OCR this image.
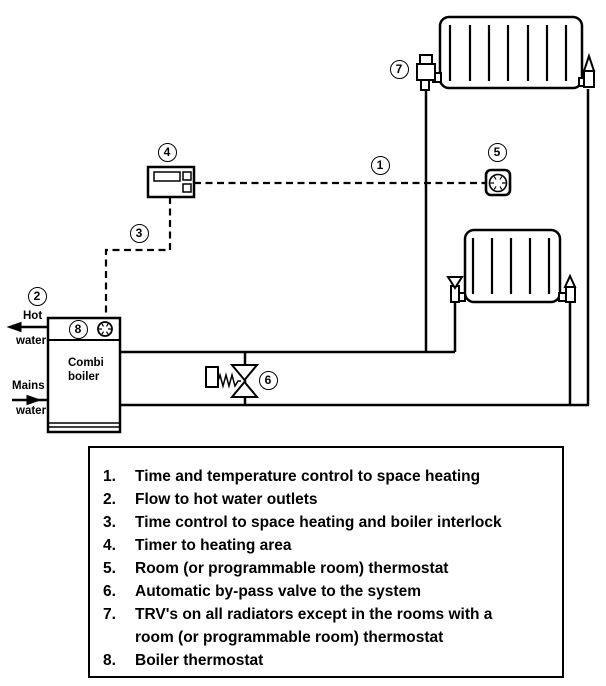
1
2
3
4	5
6
7
8
Hot
water
Mains
water
Combi
boiler
1.	Time and temperature control to space heating
2.	Flow to hot water outlets
3.	Time control to space heating and boiler interlock
4.	Timer to heating area
5.	Room (or programmable room) thermostat
6.	Automatic by-pass valve to the system
7.	TRV's on all radiators except in the rooms with a room (or programmable room) thermostat
8.	Boiler thermostat
